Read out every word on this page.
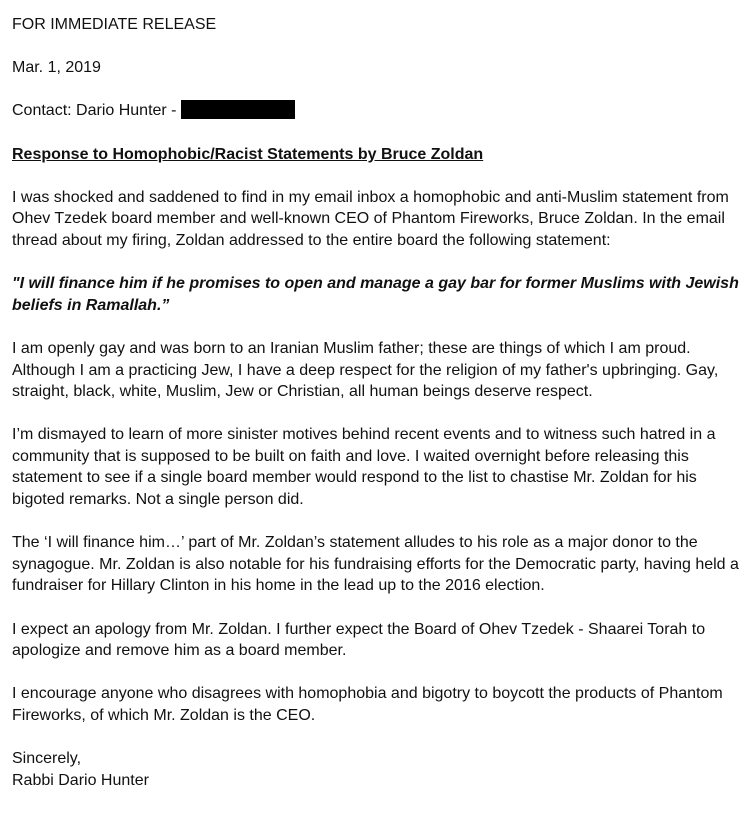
FOR IMMEDIATE RELEASE

Mar. 1, 2019

Contact: Dario Hunter -

Response to Homophobic/Racist Statements by Bruce Zoldan

I was shocked and saddened to find in my email inbox a homophobic and anti-Muslim statement from Ohev Tzedek board member and well-known CEO of Phantom Fireworks, Bruce Zoldan. In the email thread about my firing, Zoldan addressed to the entire board the following statement:

"I will finance him if he promises to open and manage a gay bar for former Muslims with Jewish beliefs in Ramallah.”

I am openly gay and was born to an Iranian Muslim father; these are things of which I am proud. Although I am a practicing Jew, I have a deep respect for the religion of my father's upbringing. Gay, straight, black, white, Muslim, Jew or Christian, all human beings deserve respect.

I’m dismayed to learn of more sinister motives behind recent events and to witness such hatred in a community that is supposed to be built on faith and love. I waited overnight before releasing this statement to see if a single board member would respond to the list to chastise Mr. Zoldan for his bigoted remarks. Not a single person did.

The ‘I will finance him…’ part of Mr. Zoldan’s statement alludes to his role as a major donor to the synagogue. Mr. Zoldan is also notable for his fundraising efforts for the Democratic party, having held a fundraiser for Hillary Clinton in his home in the lead up to the 2016 election.

I expect an apology from Mr. Zoldan. I further expect the Board of Ohev Tzedek - Shaarei Torah to apologize and remove him as a board member.

I encourage anyone who disagrees with homophobia and bigotry to boycott the products of Phantom Fireworks, of which Mr. Zoldan is the CEO.

Sincerely,

Rabbi Dario Hunter
